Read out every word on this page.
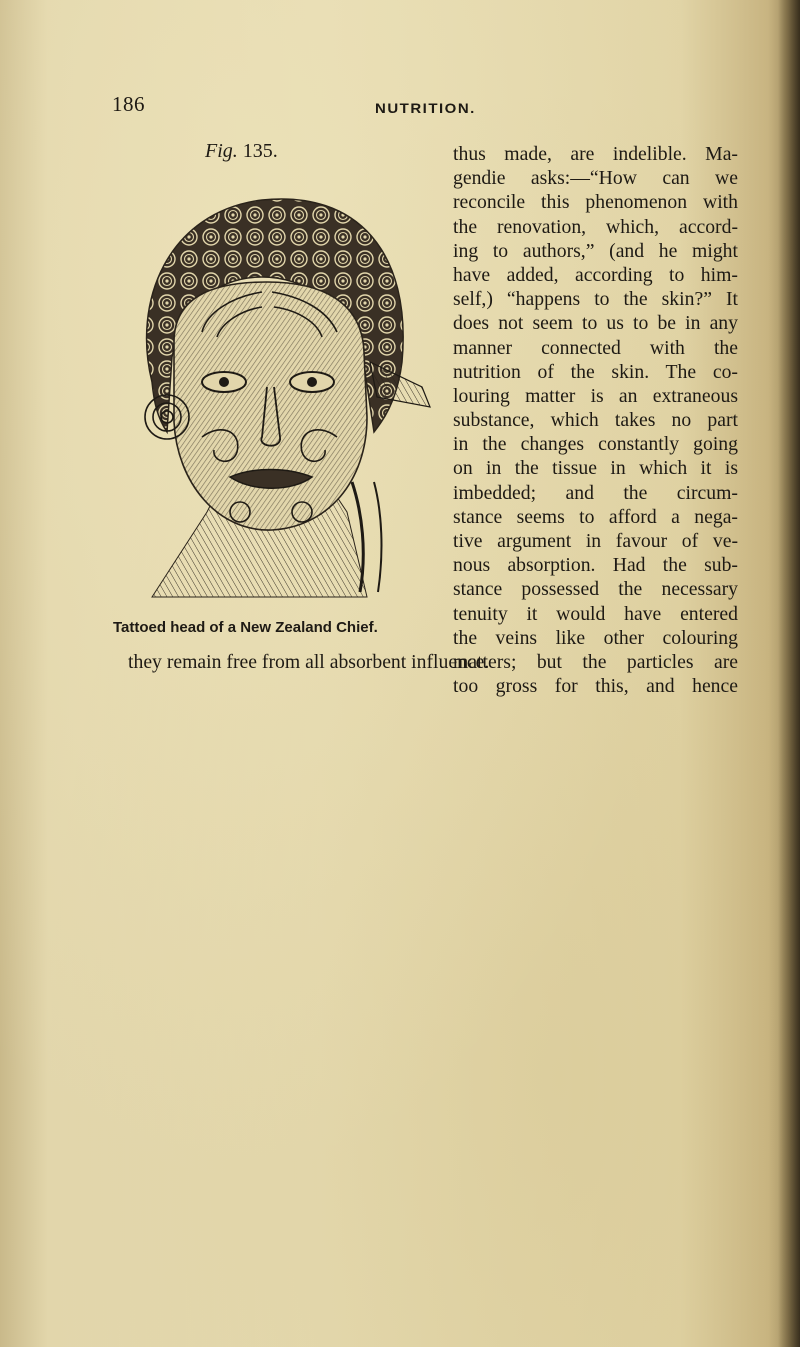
186	NUTRITION.
Fig. 135.
Tattoed head of a New Zealand Chief.
thus made, are indelible. Ma-
gendie asks:—“How can we
reconcile this phenomenon with
the renovation, which, accord-
ing to authors,” (and he might
have added, according to him-
self,) “happens to the skin?” It
does not seem to us to be in any
manner connected with the
nutrition of the skin. The co-
louring matter is an extraneous
substance, which takes no part
in the changes constantly going
on in the tissue in which it is
imbedded; and the circum-
stance seems to afford a nega-
tive argument in favour of ve-
nous absorption. Had the sub-
stance possessed the necessary
tenuity it would have entered
the veins like other colouring
matters; but the particles are
too gross for this, and hence
they remain free from all absorbent influence.
